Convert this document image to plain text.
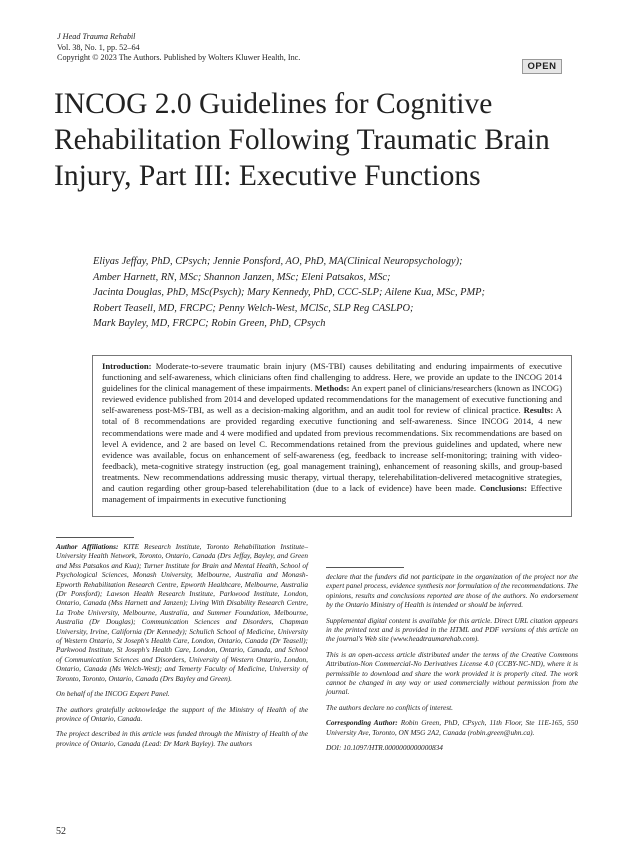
J Head Trauma Rehabil
Vol. 38, No. 1, pp. 52–64
Copyright © 2023 The Authors. Published by Wolters Kluwer Health, Inc.
OPEN
INCOG 2.0 Guidelines for Cognitive Rehabilitation Following Traumatic Brain Injury, Part III: Executive Functions
Eliyas Jeffay, PhD, CPsych; Jennie Ponsford, AO, PhD, MA(Clinical Neuropsychology);
Amber Harnett, RN, MSc; Shannon Janzen, MSc; Eleni Patsakos, MSc;
Jacinta Douglas, PhD, MSc(Psych); Mary Kennedy, PhD, CCC-SLP; Ailene Kua, MSc, PMP;
Robert Teasell, MD, FRCPC; Penny Welch-West, MClSc, SLP Reg CASLPO;
Mark Bayley, MD, FRCPC; Robin Green, PhD, CPsych
Introduction: Moderate-to-severe traumatic brain injury (MS-TBI) causes debilitating and enduring impairments of executive functioning and self-awareness, which clinicians often find challenging to address. Here, we provide an update to the INCOG 2014 guidelines for the clinical management of these impairments. Methods: An expert panel of clinicians/researchers (known as INCOG) reviewed evidence published from 2014 and developed updated recommendations for the management of executive functioning and self-awareness post-MS-TBI, as well as a decision-making algorithm, and an audit tool for review of clinical practice. Results: A total of 8 recommendations are provided regarding executive functioning and self-awareness. Since INCOG 2014, 4 new recommendations were made and 4 were modified and updated from previous recommendations. Six recommendations are based on level A evidence, and 2 are based on level C. Recommendations retained from the previous guidelines and updated, where new evidence was available, focus on enhancement of self-awareness (eg, feedback to increase self-monitoring; training with video-feedback), meta-cognitive strategy instruction (eg, goal management training), enhancement of reasoning skills, and group-based treatments. New recommendations addressing music therapy, virtual therapy, telerehabilitation-delivered metacognitive strategies, and caution regarding other group-based telerehabilitation (due to a lack of evidence) have been made. Conclusions: Effective management of impairments in executive functioning

Author Affiliations: KITE Research Institute, Toronto Rehabilitation Institute–University Health Network, Toronto, Ontario, Canada (Drs Jeffay, Bayley, and Green and Mss Patsakos and Kua); Turner Institute for Brain and Mental Health, School of Psychological Sciences, Monash University, Melbourne, Australia and Monash-Epworth Rehabilitation Research Centre, Epworth Healthcare, Melbourne, Australia (Dr Ponsford); Lawson Health Research Institute, Parkwood Institute, London, Ontario, Canada (Mss Harnett and Janzen); Living With Disability Research Centre, La Trobe University, Melbourne, Australia, and Summer Foundation, Melbourne, Australia (Dr Douglas); Communication Sciences and Disorders, Chapman University, Irvine, California (Dr Kennedy); Schulich School of Medicine, University of Western Ontario, St Joseph's Health Care, London, Ontario, Canada (Dr Teasell); Parkwood Institute, St Joseph's Health Care, London, Ontario, Canada, and School of Communication Sciences and Disorders, University of Western Ontario, London, Ontario, Canada (Ms Welch-West); and Temerty Faculty of Medicine, University of Toronto, Toronto, Ontario, Canada (Drs Bayley and Green).

On behalf of the INCOG Expert Panel.

The authors gratefully acknowledge the support of the Ministry of Health of the province of Ontario, Canada.

The project described in this article was funded through the Ministry of Health of the province of Ontario, Canada (Lead: Dr Mark Bayley). The authors

declare that the funders did not participate in the organization of the project nor the expert panel process, evidence synthesis nor formulation of the recommendations. The opinions, results and conclusions reported are those of the authors. No endorsement by the Ontario Ministry of Health is intended or should be inferred.

Supplemental digital content is available for this article. Direct URL citation appears in the printed text and is provided in the HTML and PDF versions of this article on the journal's Web site (www.headtraumarehab.com).

This is an open-access article distributed under the terms of the Creative Commons Attribution-Non Commercial-No Derivatives License 4.0 (CCBY-NC-ND), where it is permissible to download and share the work provided it is properly cited. The work cannot be changed in any way or used commercially without permission from the journal.

The authors declare no conflicts of interest.

Corresponding Author: Robin Green, PhD, CPsych, 11th Floor, Ste 11E-165, 550 University Ave, Toronto, ON M5G 2A2, Canada (robin.green@uhn.ca).

DOI: 10.1097/HTR.0000000000000834

52
